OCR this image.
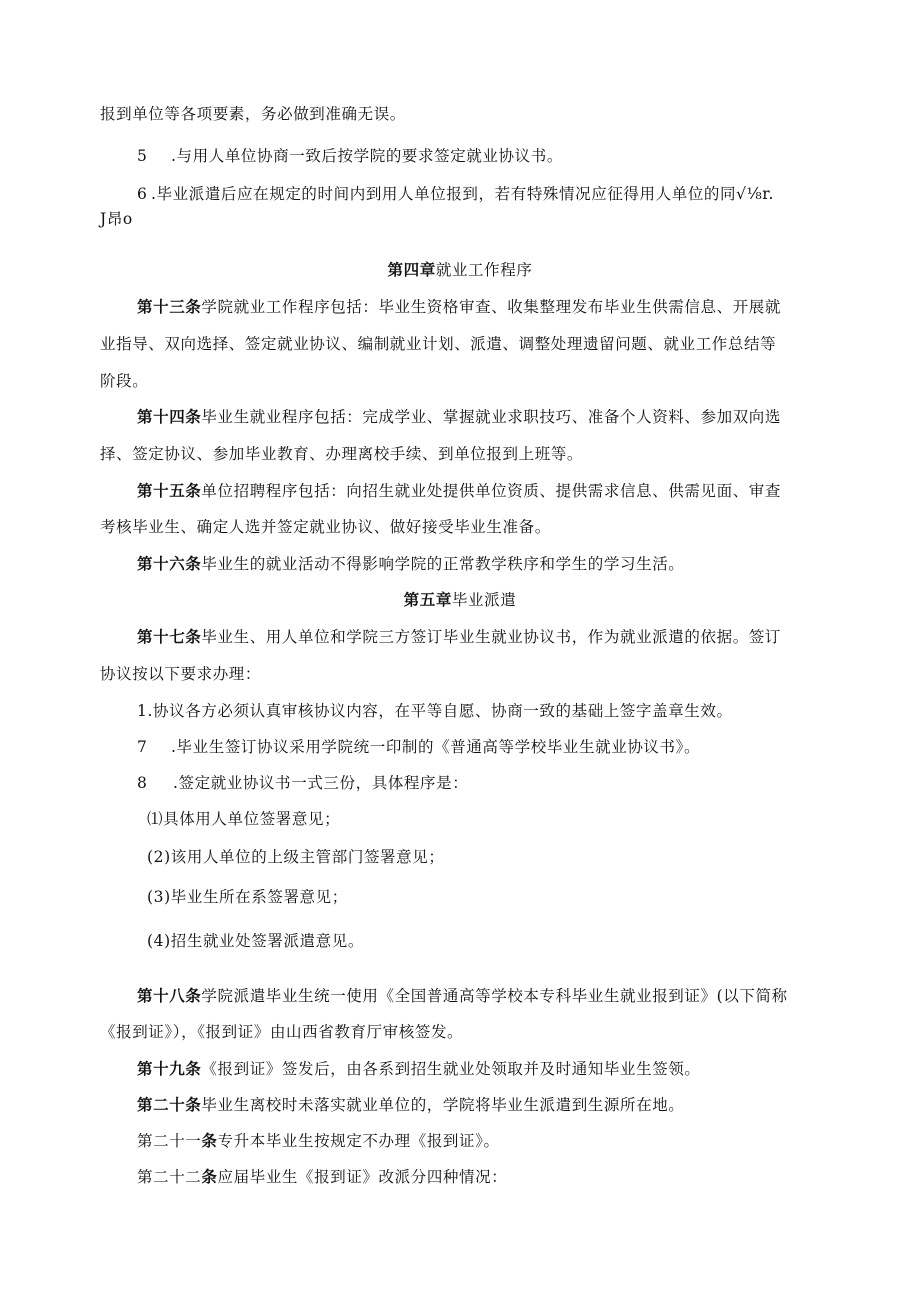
报到单位等各项要素，务必做到准确无误。
5 .与用人单位协商一致后按学院的要求签定就业协议书。
6 .毕业派遣后应在规定的时间内到用人单位报到，若有特殊情况应征得用人单位的同√⅛r.
J昂o
第四章就业工作程序
第十三条学院就业工作程序包括：毕业生资格审查、收集整理发布毕业生供需信息、开展就
业指导、双向选择、签定就业协议、编制就业计划、派遣、调整处理遗留问题、就业工作总结等
阶段。
第十四条毕业生就业程序包括：完成学业、掌握就业求职技巧、准备个人资料、参加双向选
择、签定协议、参加毕业教育、办理离校手续、到单位报到上班等。
第十五条单位招聘程序包括：向招生就业处提供单位资质、提供需求信息、供需见面、审查
考核毕业生、确定人选并签定就业协议、做好接受毕业生准备。
第十六条毕业生的就业活动不得影响学院的正常教学秩序和学生的学习生活。
第五章毕业派遣
第十七条毕业生、用人单位和学院三方签订毕业生就业协议书，作为就业派遣的依据。签订
协议按以下要求办理：
1.协议各方必须认真审核协议内容，在平等自愿、协商一致的基础上签字盖章生效。
7 .毕业生签订协议采用学院统一印制的《普通高等学校毕业生就业协议书》。
8 .签定就业协议书一式三份，具体程序是：
⑴具体用人单位签署意见；
(2)该用人单位的上级主管部门签署意见；
(3)毕业生所在系签署意见；
(4)招生就业处签署派遣意见。
第十八条学院派遣毕业生统一使用《全国普通高等学校本专科毕业生就业报到证》(以下简称
《报到证》），《报到证》由山西省教育厅审核签发。
第十九条《报到证》签发后，由各系到招生就业处领取并及时通知毕业生签领。
第二十条毕业生离校时未落实就业单位的，学院将毕业生派遣到生源所在地。
第二十一条专升本毕业生按规定不办理《报到证》。
第二十二条应届毕业生《报到证》改派分四种情况：
